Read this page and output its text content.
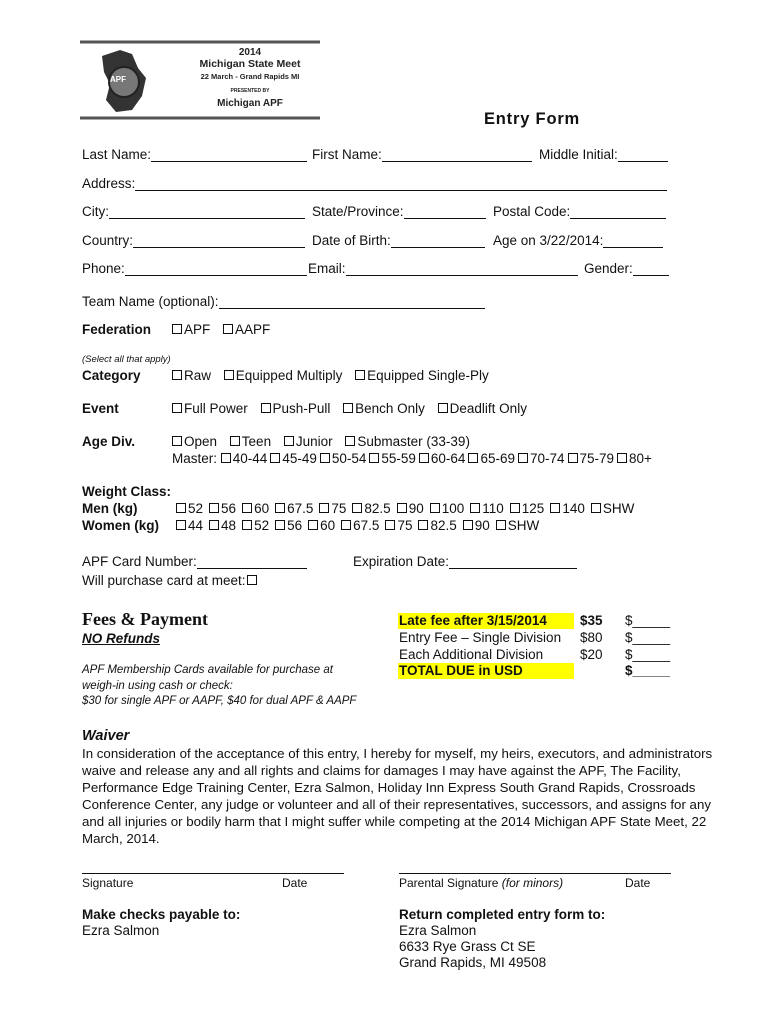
APF
2014
Michigan State Meet
22 March - Grand Rapids MI
PRESENTED BY
Michigan APF
Entry Form
Last Name:	First Name:	Middle Initial:
Address:
City:	State/Province:	Postal Code:
Country:	Date of Birth:	Age on 3/22/2014:
Phone:	Email:	Gender:
Team Name (optional):
Federation	APF AAPF
(Select all that apply)
Category	Raw Equipped Multiply Equipped Single-Ply
Event	Full Power Push-Pull Bench Only Deadlift Only
Age Div.	Open Teen Junior Submaster (33-39)
Master: 40-44 45-49 50-54 55-59 60-64 65-69 70-74 75-79 80+
Weight Class:
Men (kg)	52 56 60 67.5 75 82.5 90 100 110 125 140 SHW
Women (kg)	44 48 52 56 60 67.5 75 82.5 90 SHW
APF Card Number:	Expiration Date:
Will purchase card at meet:
Fees & Payment
NO Refunds
APF Membership Cards available for purchase at
weigh-in using cash or check:
$30 for single APF or AAPF, $40 for dual APF & AAPF
Late fee after 3/15/2014 $35 $_____
Entry Fee – Single Division $80 $_____
Each Additional Division	$20 $_____
TOTAL DUE in USD	$_____
Waiver
In consideration of the acceptance of this entry, I hereby for myself, my heirs, executors, and administrators
waive and release any and all rights and claims for damages I may have against the APF, The Facility,
Performance Edge Training Center, Ezra Salmon, Holiday Inn Express South Grand Rapids, Crossroads
Conference Center, any judge or volunteer and all of their representatives, successors, and assigns for any
and all injuries or bodily harm that I might suffer while competing at the 2014 Michigan APF State Meet, 22
March, 2014.
Signature	Date	Parental Signature (for minors)	Date
Make checks payable to:
Ezra Salmon
Return completed entry form to:
Ezra Salmon
6633 Rye Grass Ct SE
Grand Rapids, MI 49508
